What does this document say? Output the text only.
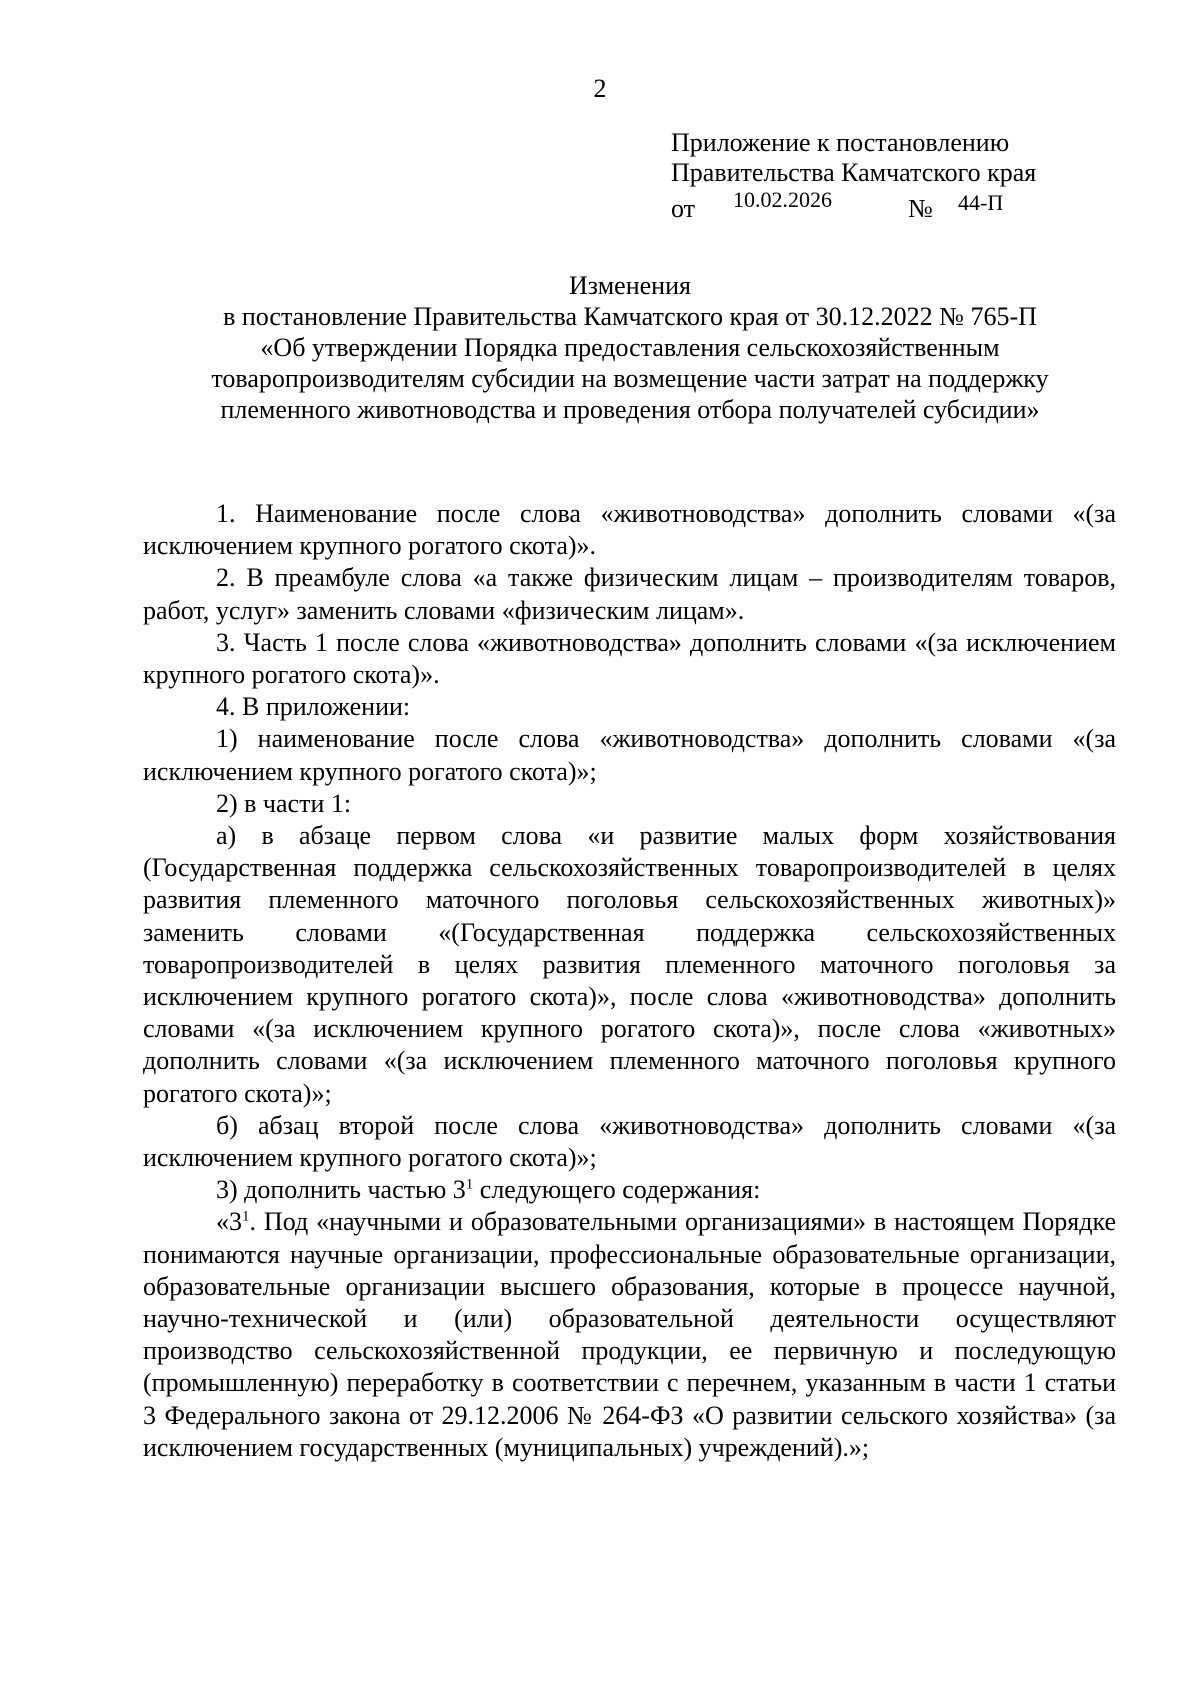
2
Приложение к постановлению
Правительства Камчатского края
от 10.02.2026	№ 44-П
Изменения
в постановление Правительства Камчатского края от 30.12.2022 № 765-П
«Об утверждении Порядка предоставления сельскохозяйственным
товаропроизводителям субсидии на возмещение части затрат на поддержку
племенного животноводства и проведения отбора получателей субсидии»

1. Наименование после слова «животноводства» дополнить словами «(за исключением крупного рогатого скота)».

2. В преамбуле слова «а также физическим лицам – производителям товаров, работ, услуг» заменить словами «физическим лицам».

3. Часть 1 после слова «животноводства» дополнить словами «(за исключением крупного рогатого скота)».

4. В приложении:

1) наименование после слова «животноводства» дополнить словами «(за исключением крупного рогатого скота)»;

2) в части 1:

а) в абзаце первом слова «и развитие малых форм хозяйствования (Государственная поддержка сельскохозяйственных товаропроизводителей в целях развития племенного маточного поголовья сельскохозяйственных животных)» заменить словами «(Государственная поддержка сельскохозяйственных товаропроизводителей в целях развития племенного маточного поголовья за исключением крупного рогатого скота)», после слова «животноводства» дополнить словами «(за исключением крупного рогатого скота)», после слова «животных» дополнить словами «(за исключением племенного маточного поголовья крупного рогатого скота)»;

б) абзац второй после слова «животноводства» дополнить словами «(за исключением крупного рогатого скота)»;

3) дополнить частью $3^1$ следующего содержания:

«$3^1$. Под «научными и образовательными организациями» в настоящем Порядке понимаются научные организации, профессиональные образовательные организации, образовательные организации высшего образования, которые в процессе научной, научно-технической и (или) образовательной деятельности осуществляют производство сельскохозяйственной продукции, ее первичную и последующую (промышленную) переработку в соответствии с перечнем, указанным в части 1 статьи 3 Федерального закона от 29.12.2006 № 264-ФЗ «О развитии сельского хозяйства» (за исключением государственных (муниципальных) учреждений).»;
